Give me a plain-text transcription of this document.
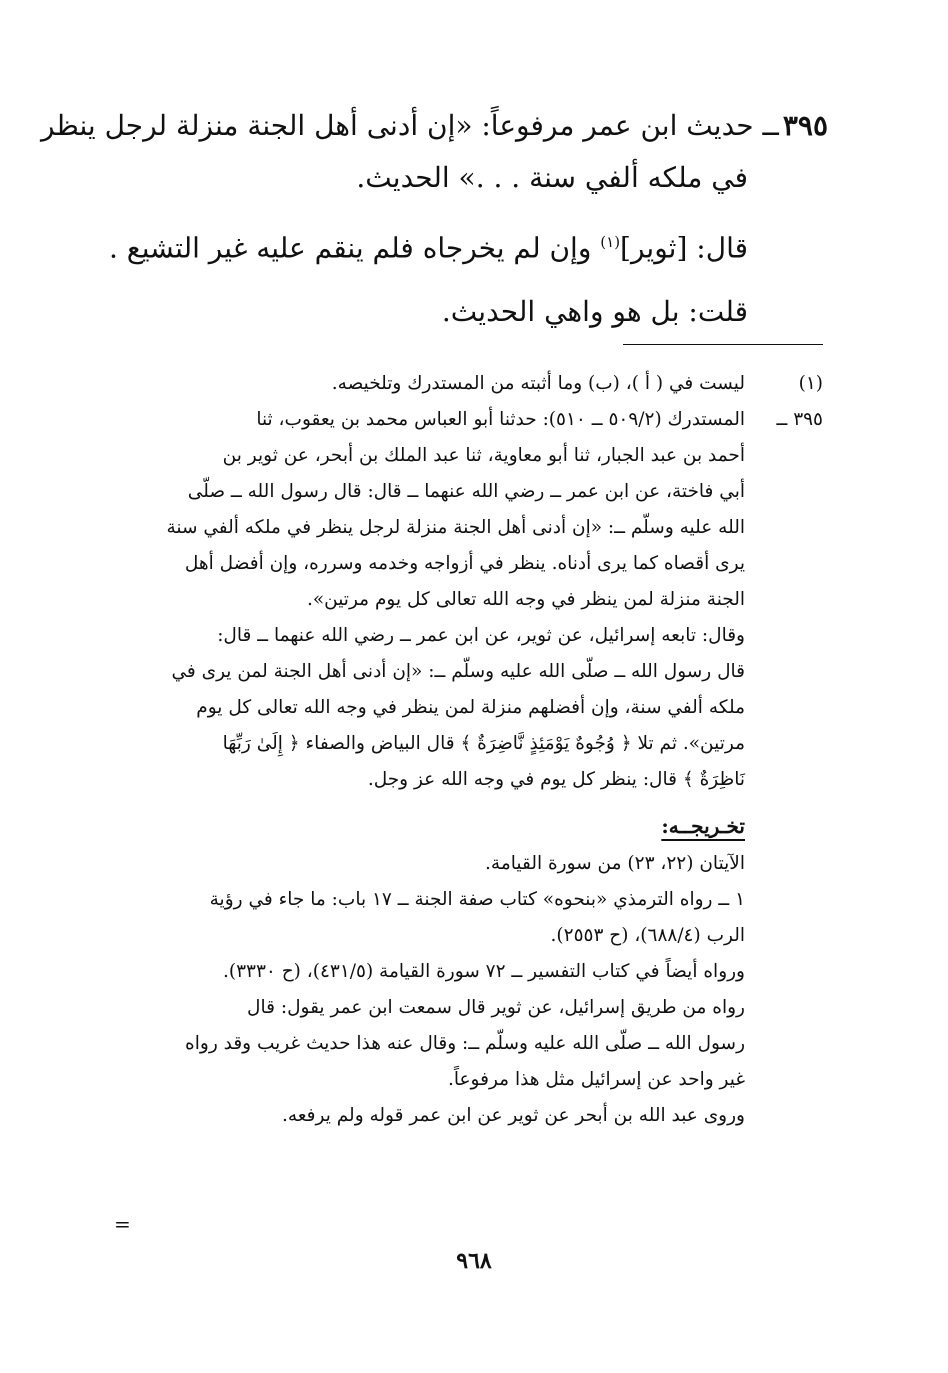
٣٩٥ــ حديث ابن عمر مرفوعاً: «إن أدنى أهل الجنة منزلة لرجل ينظر

في ملكه ألفي سنة . . .» الحديث.

قال: [ثوير]$^{(١)}$ وإن لم يخرجاه فلم ينقم عليه غير التشيع .

قلت: بل هو واهي الحديث.

(١)
ليست في ( أ )، (ب) وما أثبته من المستدرك وتلخيصه.
٣٩٥ ــ

المستدرك (٥٠٩/٢ ــ ٥١٠): حدثنا أبو العباس محمد بن يعقوب، ثنا

أحمد بن عبد الجبار، ثنا أبو معاوية، ثنا عبد الملك بن أبحر، عن ثوير بن

أبي فاختة، عن ابن عمر ــ رضي الله عنهما ــ قال: قال رسول الله ــ صلّى

الله عليه وسلّم ــ: «إن أدنى أهل الجنة منزلة لرجل ينظر في ملكه ألفي سنة

يرى أقصاه كما يرى أدناه. ينظر في أزواجه وخدمه وسرره، وإن أفضل أهل

الجنة منزلة لمن ينظر في وجه الله تعالى كل يوم مرتين».

وقال: تابعه إسرائيل، عن ثوير، عن ابن عمر ــ رضي الله عنهما ــ قال:

قال رسول الله ــ صلّى الله عليه وسلّم ــ: «إن أدنى أهل الجنة لمن يرى في

ملكه ألفي سنة، وإن أفضلهم منزلة لمن ينظر في وجه الله تعالى كل يوم

مرتين». ثم تلا ﴿ وُجُوهٌ يَوْمَئِذٍ نَّاضِرَةٌ ﴾ قال البياض والصفاء ﴿ إِلَىٰ رَبِّهَا

نَاظِرَةٌ ﴾ قال: ينظر كل يوم في وجه الله عز وجل.

تخـريجــه:

الآيتان (٢٢، ٢٣) من سورة القيامة.

١ ــ رواه الترمذي «بنحوه» كتاب صفة الجنة ــ ١٧ باب: ما جاء في رؤية

الرب (٦٨٨/٤)، (ح ٢٥٥٣).

ورواه أيضاً في كتاب التفسير ــ ٧٢ سورة القيامة (٤٣١/٥)، (ح ٣٣٣٠).

رواه من طريق إسرائيل، عن ثوير قال سمعت ابن عمر يقول: قال

رسول الله ــ صلّى الله عليه وسلّم ــ: وقال عنه هذا حديث غريب وقد رواه

غير واحد عن إسرائيل مثل هذا مرفوعاً.

وروى عبد الله بن أبحر عن ثوير عن ابن عمر قوله ولم يرفعه.

=
٩٦٨
